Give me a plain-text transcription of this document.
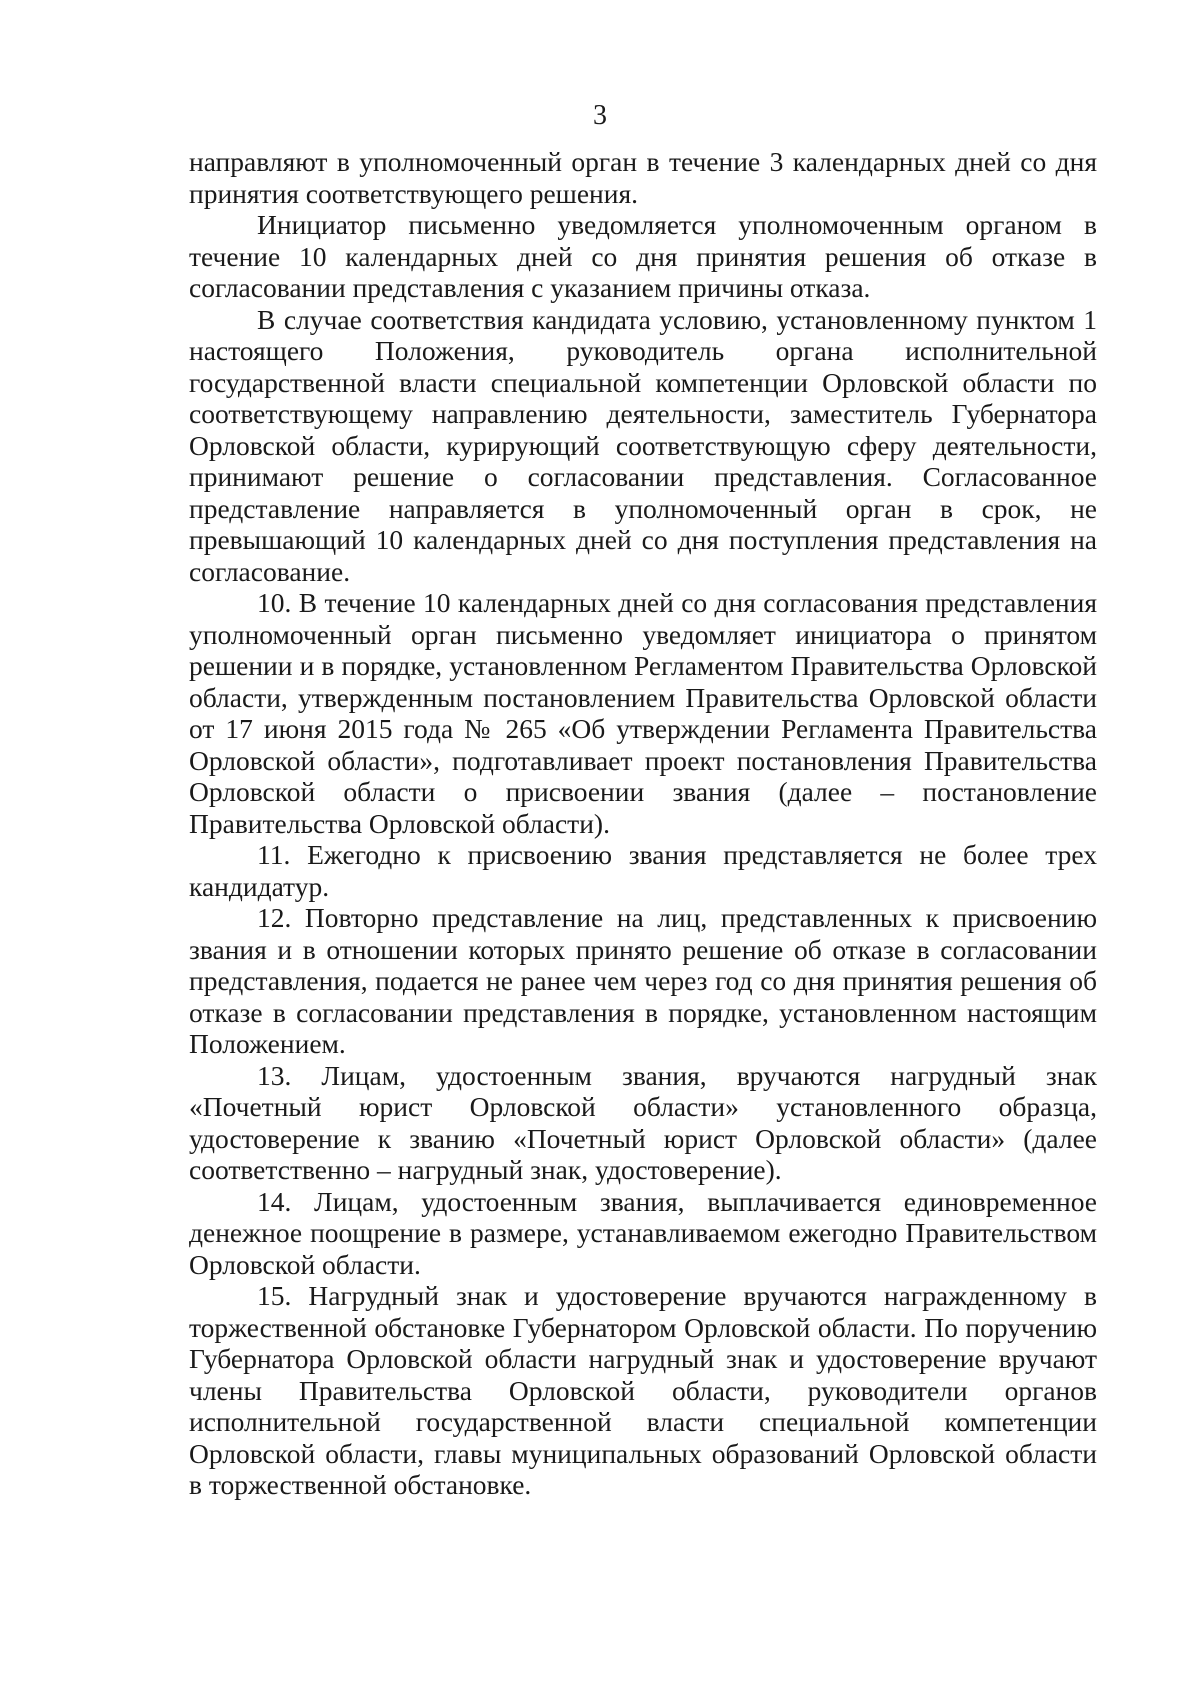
3

направляют в уполномоченный орган в течение 3 календарных дней со дня принятия соответствующего решения.

Инициатор письменно уведомляется уполномоченным органом в течение 10 календарных дней со дня принятия решения об отказе в согласовании представления с указанием причины отказа.

В случае соответствия кандидата условию, установленному пунктом 1 настоящего Положения, руководитель органа исполнительной государственной власти специальной компетенции Орловской области по соответствующему направлению деятельности, заместитель Губернатора Орловской области, курирующий соответствующую сферу деятельности, принимают решение о согласовании представления. Согласованное представление направляется в уполномоченный орган в срок, не превышающий 10 календарных дней со дня поступления представления на согласование.

10. В течение 10 календарных дней со дня согласования представления уполномоченный орган письменно уведомляет инициатора о принятом решении и в порядке, установленном Регламентом Правительства Орловской области, утвержденным постановлением Правительства Орловской области от 17 июня 2015 года № 265 «Об утверждении Регламента Правительства Орловской области», подготавливает проект постановления Правительства Орловской области о присвоении звания (далее – постановление Правительства Орловской области).

11. Ежегодно к присвоению звания представляется не более трех кандидатур.

12. Повторно представление на лиц, представленных к присвоению звания и в отношении которых принято решение об отказе в согласовании представления, подается не ранее чем через год со дня принятия решения об отказе в согласовании представления в порядке, установленном настоящим Положением.

13. Лицам, удостоенным звания, вручаются нагрудный знак «Почетный юрист Орловской области» установленного образца, удостоверение к званию «Почетный юрист Орловской области» (далее соответственно – нагрудный знак, удостоверение).

14. Лицам, удостоенным звания, выплачивается единовременное денежное поощрение в размере, устанавливаемом ежегодно Правительством Орловской области.

15. Нагрудный знак и удостоверение вручаются награжденному в торжественной обстановке Губернатором Орловской области. По поручению Губернатора Орловской области нагрудный знак и удостоверение вручают члены Правительства Орловской области, руководители органов исполнительной государственной власти специальной компетенции Орловской области, главы муниципальных образований Орловской области в торжественной обстановке.
